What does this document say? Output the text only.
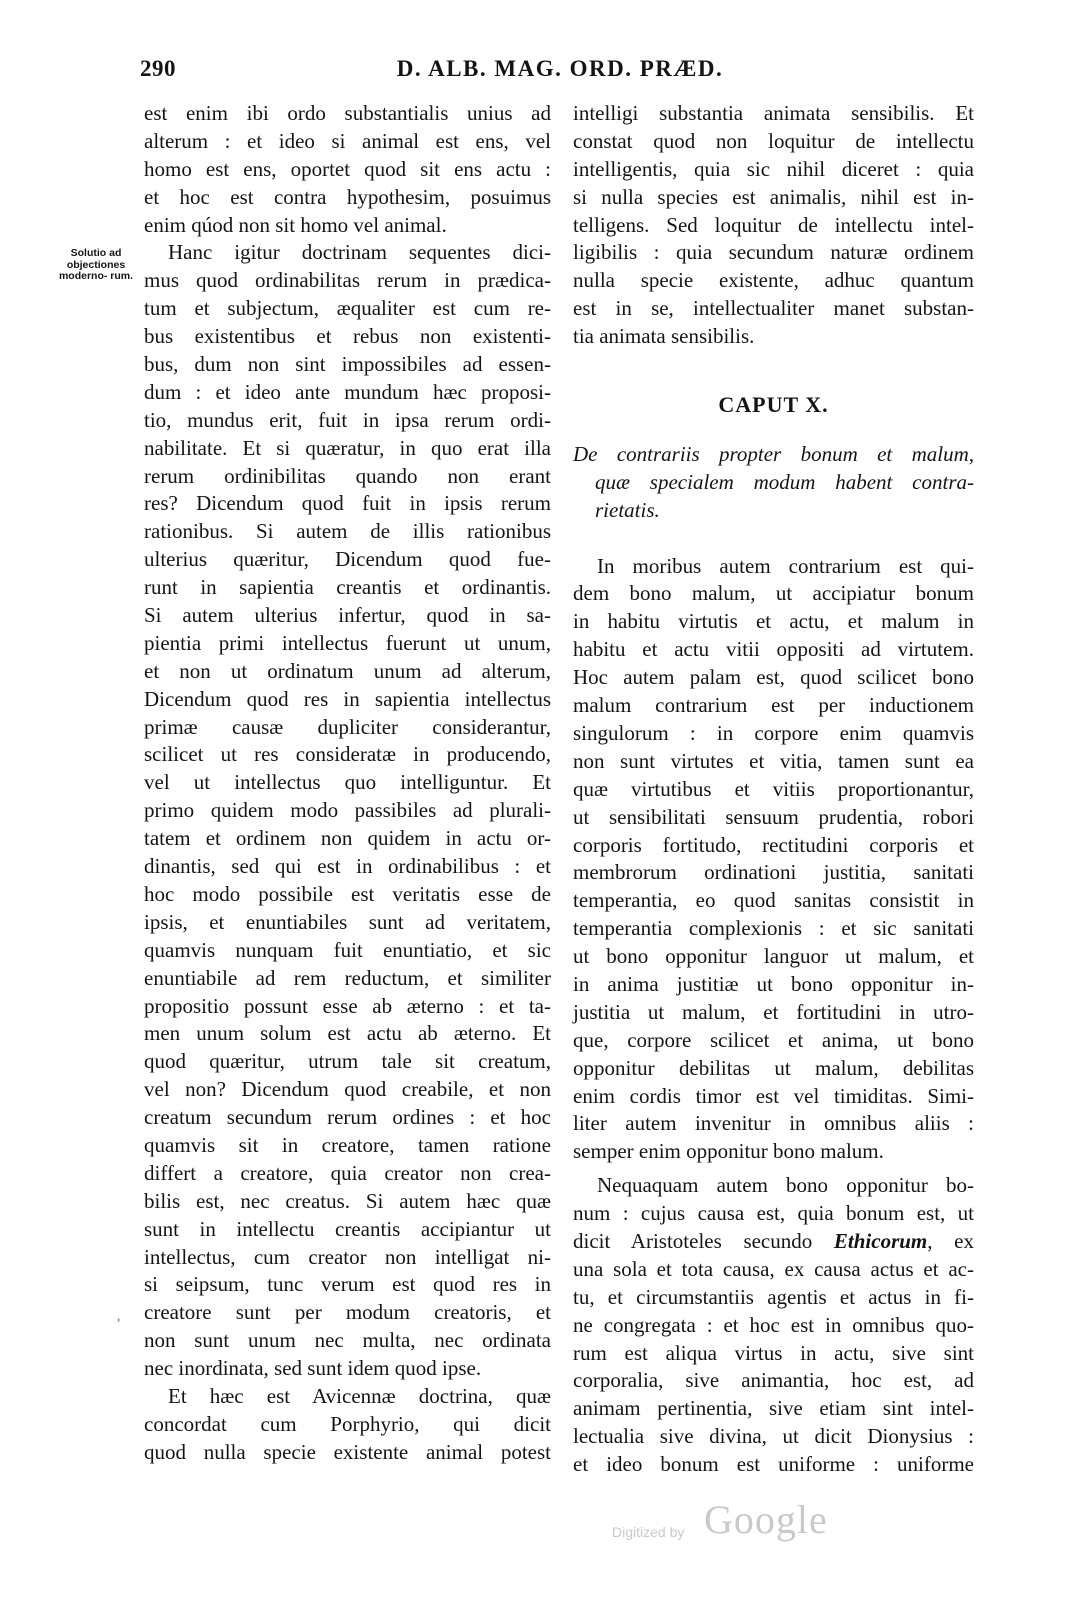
290	D. ALB. MAG. ORD. PRÆD.
Solutio ad objectiones moderno- rum.
ʾ
est enim ibi ordo substantialis unius ad
alterum : et ideo si animal est ens, vel
homo est ens, oportet quod sit ens actu :
et hoc est contra hypothesim, posuimus
enim qúod non sit homo vel animal.
Hanc igitur doctrinam sequentes dici-
mus quod ordinabilitas rerum in prædica-
tum et subjectum, æqualiter est cum re-
bus existentibus et rebus non existenti-
bus, dum non sint impossibiles ad essen-
dum : et ideo ante mundum hæc proposi-
tio, mundus erit, fuit in ipsa rerum ordi-
nabilitate. Et si quæratur, in quo erat illa
rerum ordinibilitas quando non erant
res? Dicendum quod fuit in ipsis rerum
rationibus. Si autem de illis rationibus
ulterius quæritur, Dicendum quod fue-
runt in sapientia creantis et ordinantis.
Si autem ulterius infertur, quod in sa-
pientia primi intellectus fuerunt ut unum,
et non ut ordinatum unum ad alterum,
Dicendum quod res in sapientia intellectus
primæ causæ dupliciter considerantur,
scilicet ut res consideratæ in producendo,
vel ut intellectus quo intelliguntur. Et
primo quidem modo passibiles ad plurali-
tatem et ordinem non quidem in actu or-
dinantis, sed qui est in ordinabilibus : et
hoc modo possibile est veritatis esse de
ipsis, et enuntiabiles sunt ad veritatem,
quamvis nunquam fuit enuntiatio, et sic
enuntiabile ad rem reductum, et similiter
propositio possunt esse ab æterno : et ta-
men unum solum est actu ab æterno. Et
quod quæritur, utrum tale sit creatum,
vel non? Dicendum quod creabile, et non
creatum secundum rerum ordines : et hoc
quamvis sit in creatore, tamen ratione
differt a creatore, quia creator non crea-
bilis est, nec creatus. Si autem hæc quæ
sunt in intellectu creantis accipiantur ut
intellectus, cum creator non intelligat ni-
si seipsum, tunc verum est quod res in
creatore sunt per modum creatoris, et
non sunt unum nec multa, nec ordinata
nec inordinata, sed sunt idem quod ipse.
Et hæc est Avicennæ doctrina, quæ
concordat cum Porphyrio, qui dicit
quod nulla specie existente animal potest
intelligi substantia animata sensibilis. Et
constat quod non loquitur de intellectu
intelligentis, quia sic nihil diceret : quia
si nulla species est animalis, nihil est in-
telligens. Sed loquitur de intellectu intel-
ligibilis : quia secundum naturæ ordinem
nulla specie existente, adhuc quantum
est in se, intellectualiter manet substan-
tia animata sensibilis.
CAPUT X.
De contrariis propter bonum et malum,
quæ specialem modum habent contra-
rietatis.
In moribus autem contrarium est qui-
dem bono malum, ut accipiatur bonum
in habitu virtutis et actu, et malum in
habitu et actu vitii oppositi ad virtutem.
Hoc autem palam est, quod scilicet bono
malum contrarium est per inductionem
singulorum : in corpore enim quamvis
non sunt virtutes et vitia, tamen sunt ea
quæ virtutibus et vitiis proportionantur,
ut sensibilitati sensuum prudentia, robori
corporis fortitudo, rectitudini corporis et
membrorum ordinationi justitia, sanitati
temperantia, eo quod sanitas consistit in
temperantia complexionis : et sic sanitati
ut bono opponitur languor ut malum, et
in anima justitiæ ut bono opponitur in-
justitia ut malum, et fortitudini in utro-
que, corpore scilicet et anima, ut bono
opponitur debilitas ut malum, debilitas
enim cordis timor est vel timiditas. Simi-
liter autem invenitur in omnibus aliis :
semper enim opponitur bono malum.
Nequaquam autem bono opponitur bo-
num : cujus causa est, quia bonum est, ut
dicit Aristoteles secundo Ethicorum, ex
una sola et tota causa, ex causa actus et ac-
tu, et circumstantiis agentis et actus in fi-
ne congregata : et hoc est in omnibus quo-
rum est aliqua virtus in actu, sive sint
corporalia, sive animantia, hoc est, ad
animam pertinentia, sive etiam sint intel-
lectualia sive divina, ut dicit Dionysius :
et ideo bonum est uniforme : uniforme
Digitized by Google
